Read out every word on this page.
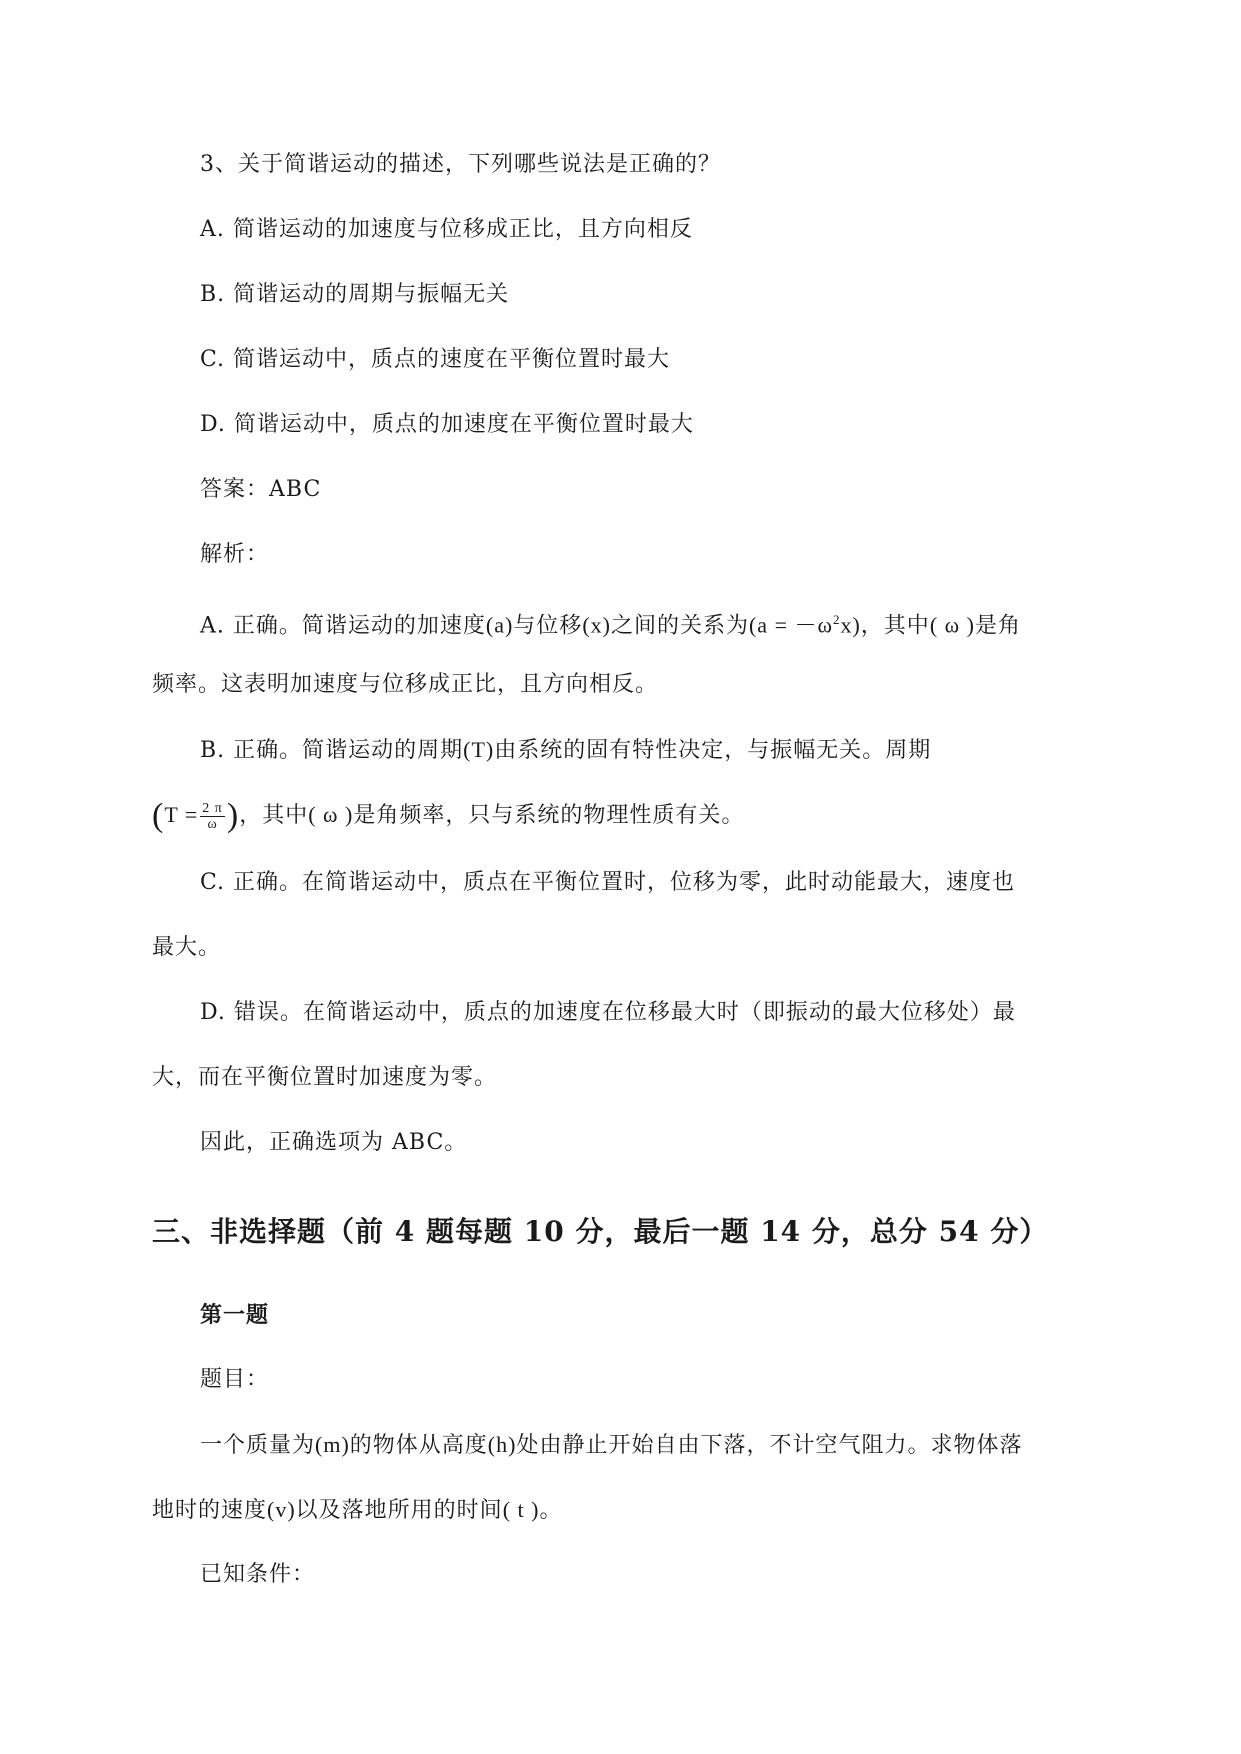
3、关于简谐运动的描述，下列哪些说法是正确的？
A. 简谐运动的加速度与位移成正比，且方向相反
B. 简谐运动的周期与振幅无关
C. 简谐运动中，质点的速度在平衡位置时最大
D. 简谐运动中，质点的加速度在平衡位置时最大
答案：ABC
解析：
A. 正确。简谐运动的加速度(a)与位移(x)之间的关系为$(a = -\omega^2x)$，其中( ω )是角
频率。这表明加速度与位移成正比，且方向相反。
B. 正确。简谐运动的周期(T)由系统的固有特性决定，与振幅无关。周期
($T = \frac{2 \pi}{\omega}$ )，其中( ω )是角频率，只与系统的物理性质有关。
C. 正确。在简谐运动中，质点在平衡位置时，位移为零，此时动能最大，速度也
最大。
D. 错误。在简谐运动中，质点的加速度在位移最大时（即振动的最大位移处）最
大，而在平衡位置时加速度为零。
因此，正确选项为 ABC。
三、非选择题（前 4 题每题 10 分，最后一题 14 分，总分 54 分）
第一题
题目：
一个质量为(m)的物体从高度(h)处由静止开始自由下落，不计空气阻力。求物体落
地时的速度(v)以及落地所用的时间( t )。
已知条件：
